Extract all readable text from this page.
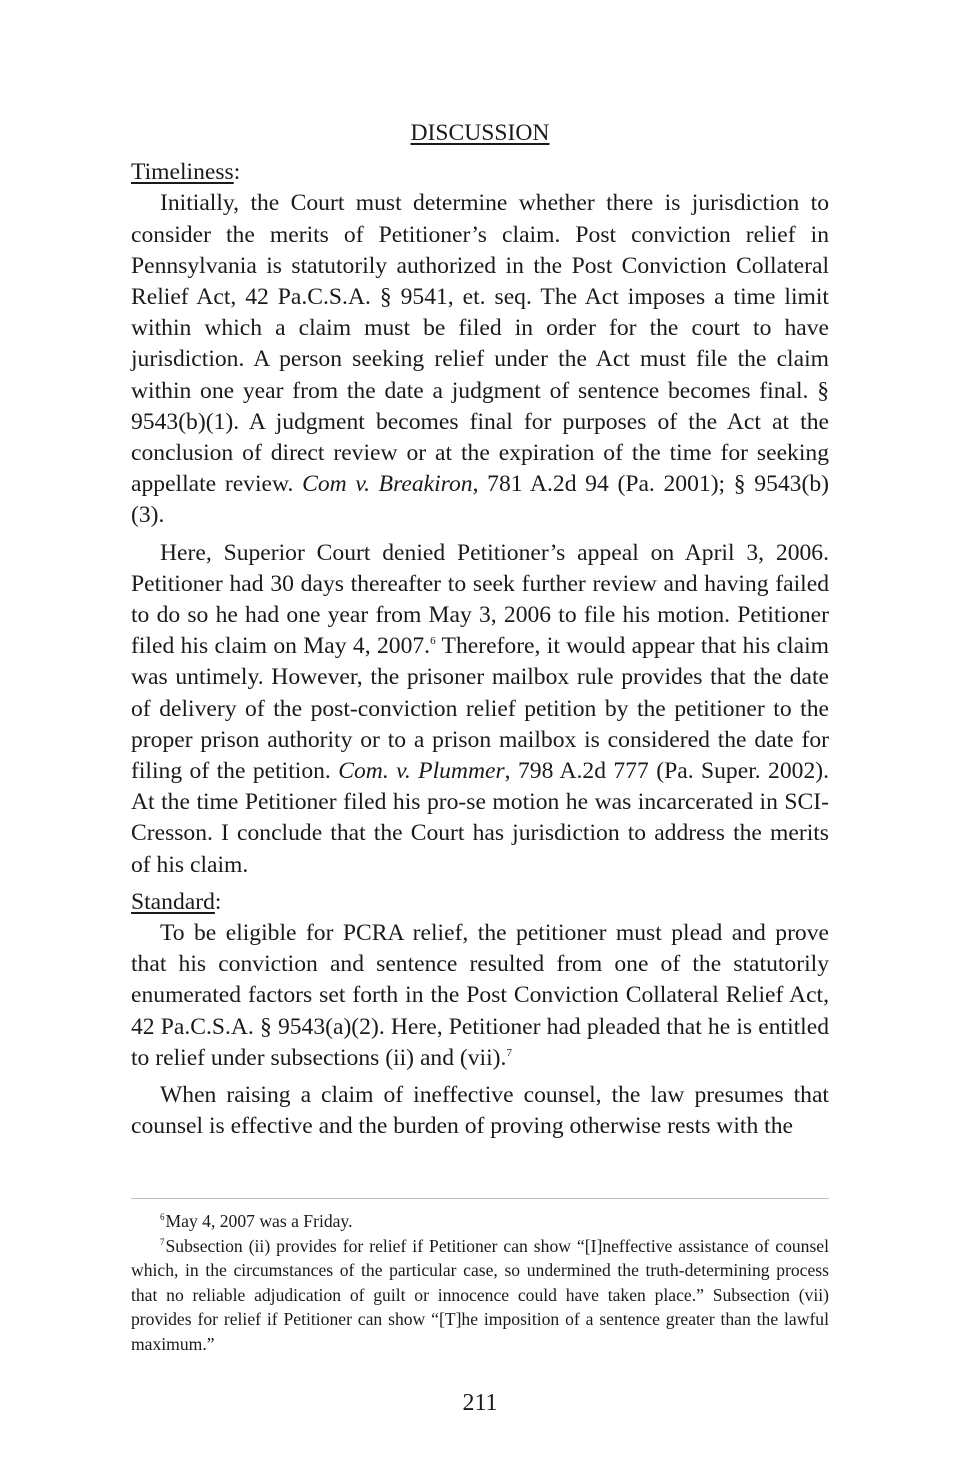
DISCUSSION
Timeliness:

Initially, the Court must determine whether there is jurisdiction to consider the merits of Petitioner’s claim. Post conviction relief in Pennsylvania is statutorily authorized in the Post Conviction Collateral Relief Act, 42 Pa.C.S.A. § 9541, et. seq. The Act imposes a time limit within which a claim must be filed in order for the court to have jurisdiction. A person seeking relief under the Act must file the claim within one year from the date a judgment of sentence becomes final. § 9543(b)(1). A judgment becomes final for purposes of the Act at the conclusion of direct review or at the expiration of the time for seeking appellate review. Com v. Breakiron, 781 A.2d 94 (Pa. 2001); § 9543(b)(3).

Here, Superior Court denied Petitioner’s appeal on April 3, 2006. Petitioner had 30 days thereafter to seek further review and having failed to do so he had one year from May 3, 2006 to file his motion. Petitioner filed his claim on May 4, 2007.$^6$ Therefore, it would appear that his claim was untimely. However, the prisoner mailbox rule provides that the date of delivery of the post-conviction relief petition by the petitioner to the proper prison authority or to a prison mailbox is considered the date for filing of the petition. Com. v. Plummer, 798 A.2d 777 (Pa. Super. 2002). At the time Petitioner filed his pro-se motion he was incarcerated in SCI-Cresson. I conclude that the Court has jurisdiction to address the merits of his claim.

Standard:

To be eligible for PCRA relief, the petitioner must plead and prove that his conviction and sentence resulted from one of the statutorily enumerated factors set forth in the Post Conviction Collateral Relief Act, 42 Pa.C.S.A. § 9543(a)(2). Here, Petitioner had pleaded that he is entitled to relief under subsections (ii) and (vii).$^7$

When raising a claim of ineffective counsel, the law presumes that counsel is effective and the burden of proving otherwise rests with the

$^6$May 4, 2007 was a Friday.

$^7$Subsection (ii) provides for relief if Petitioner can show “[I]neffective assistance of counsel which, in the circumstances of the particular case, so undermined the truth-determining process that no reliable adjudication of guilt or innocence could have taken place.” Subsection (vii) provides for relief if Petitioner can show “[T]he imposition of a sentence greater than the lawful maximum.”

211
